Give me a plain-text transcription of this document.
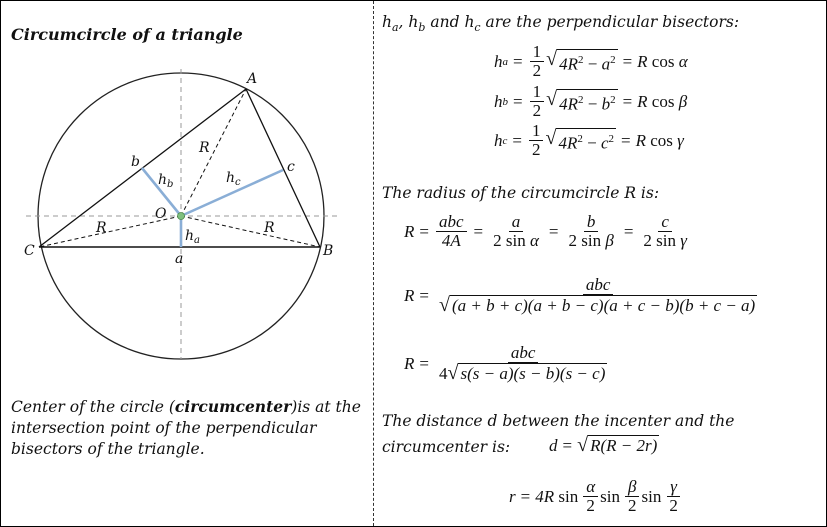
Circumcircle of a triangle
A
B
C
O
a
b	c
R
R	R
$h_a$
$h_b$	$h_c$
Center of the circle (circumcenter)is at the intersection point of the perpendicular bisectors of the triangle.
$h_a$, $h_b$ and $h_c$ are the perpendicular bisectors:
h $a = \frac{1}{2}$ √ $4R^2 - a^2 = R$
cos
α
h $b = \frac{1}{2}$ √ $4R^2 - b^2 = R$
cos
β
h $c = \frac{1}{2}$ √ $4R^2 - c^2 = R$
cos
γ
The radius of the circumcircle R is:
$R = \frac{\text{abc}}{4A} = \frac{a}{\text{2 sin α}} = \frac{b}{\text{2 sin β}} = \frac{c}{\text{2 sin γ}}$
$R = \frac{\text{abc}}{√ (a + b + c)(a + b - c)(a + c - b)(b + c - a)}$
$R = \frac{\text{abc}}{4 √ s(s - a)(s - b)(s - c)}$
The distance d between the incenter and the
circumcenter is: d = √ R(R − 2r)
r = 4R
$\sin \frac{\alpha}{2}$ $\sin \frac{\beta}{2}$ $\sin \frac{\gamma}{2}$
